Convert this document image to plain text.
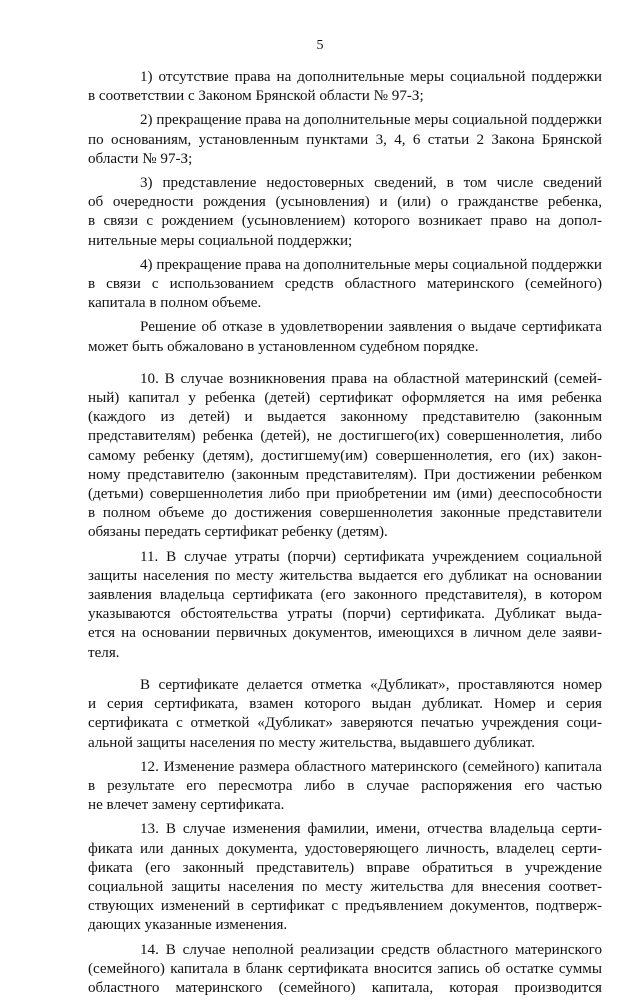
5
1) отсутствие права на дополнительные меры социальной поддержки
в соответствии с Законом Брянской области № 97-З;
2) прекращение права на дополнительные меры социальной поддержки
по основаниям, установленным пунктами 3, 4, 6 статьи 2 Закона Брянской
области № 97-З;
3) представление недостоверных сведений, в том числе сведений
об очередности рождения (усыновления) и (или) о гражданстве ребенка,
в связи с рождением (усыновлением) которого возникает право на допол-
нительные меры социальной поддержки;
4) прекращение права на дополнительные меры социальной поддержки
в связи с использованием средств областного материнского (семейного)
капитала в полном объеме.
Решение об отказе в удовлетворении заявления о выдаче сертификата
может быть обжаловано в установленном судебном порядке.
10. В случае возникновения права на областной материнский (семей-
ный) капитал у ребенка (детей) сертификат оформляется на имя ребенка
(каждого из детей) и выдается законному представителю (законным
представителям) ребенка (детей), не достигшего(их) совершеннолетия, либо
самому ребенку (детям), достигшему(им) совершеннолетия, его (их) закон-
ному представителю (законным представителям). При достижении ребенком
(детьми) совершеннолетия либо при приобретении им (ими) дееспособности
в полном объеме до достижения совершеннолетия законные представители
обязаны передать сертификат ребенку (детям).
11. В случае утраты (порчи) сертификата учреждением социальной
защиты населения по месту жительства выдается его дубликат на основании
заявления владельца сертификата (его законного представителя), в котором
указываются обстоятельства утраты (порчи) сертификата. Дубликат выда-
ется на основании первичных документов, имеющихся в личном деле заяви-
теля.
В сертификате делается отметка «Дубликат», проставляются номер
и серия сертификата, взамен которого выдан дубликат. Номер и серия
сертификата с отметкой «Дубликат» заверяются печатью учреждения соци-
альной защиты населения по месту жительства, выдавшего дубликат.
12. Изменение размера областного материнского (семейного) капитала
в результате его пересмотра либо в случае распоряжения его частью
не влечет замену сертификата.
13. В случае изменения фамилии, имени, отчества владельца серти-
фиката или данных документа, удостоверяющего личность, владелец серти-
фиката (его законный представитель) вправе обратиться в учреждение
социальной защиты населения по месту жительства для внесения соответ-
ствующих изменений в сертификат с предъявлением документов, подтверж-
дающих указанные изменения.
14. В случае неполной реализации средств областного материнского
(семейного) капитала в бланк сертификата вносится запись об остатке суммы
областного материнского (семейного) капитала, которая производится
